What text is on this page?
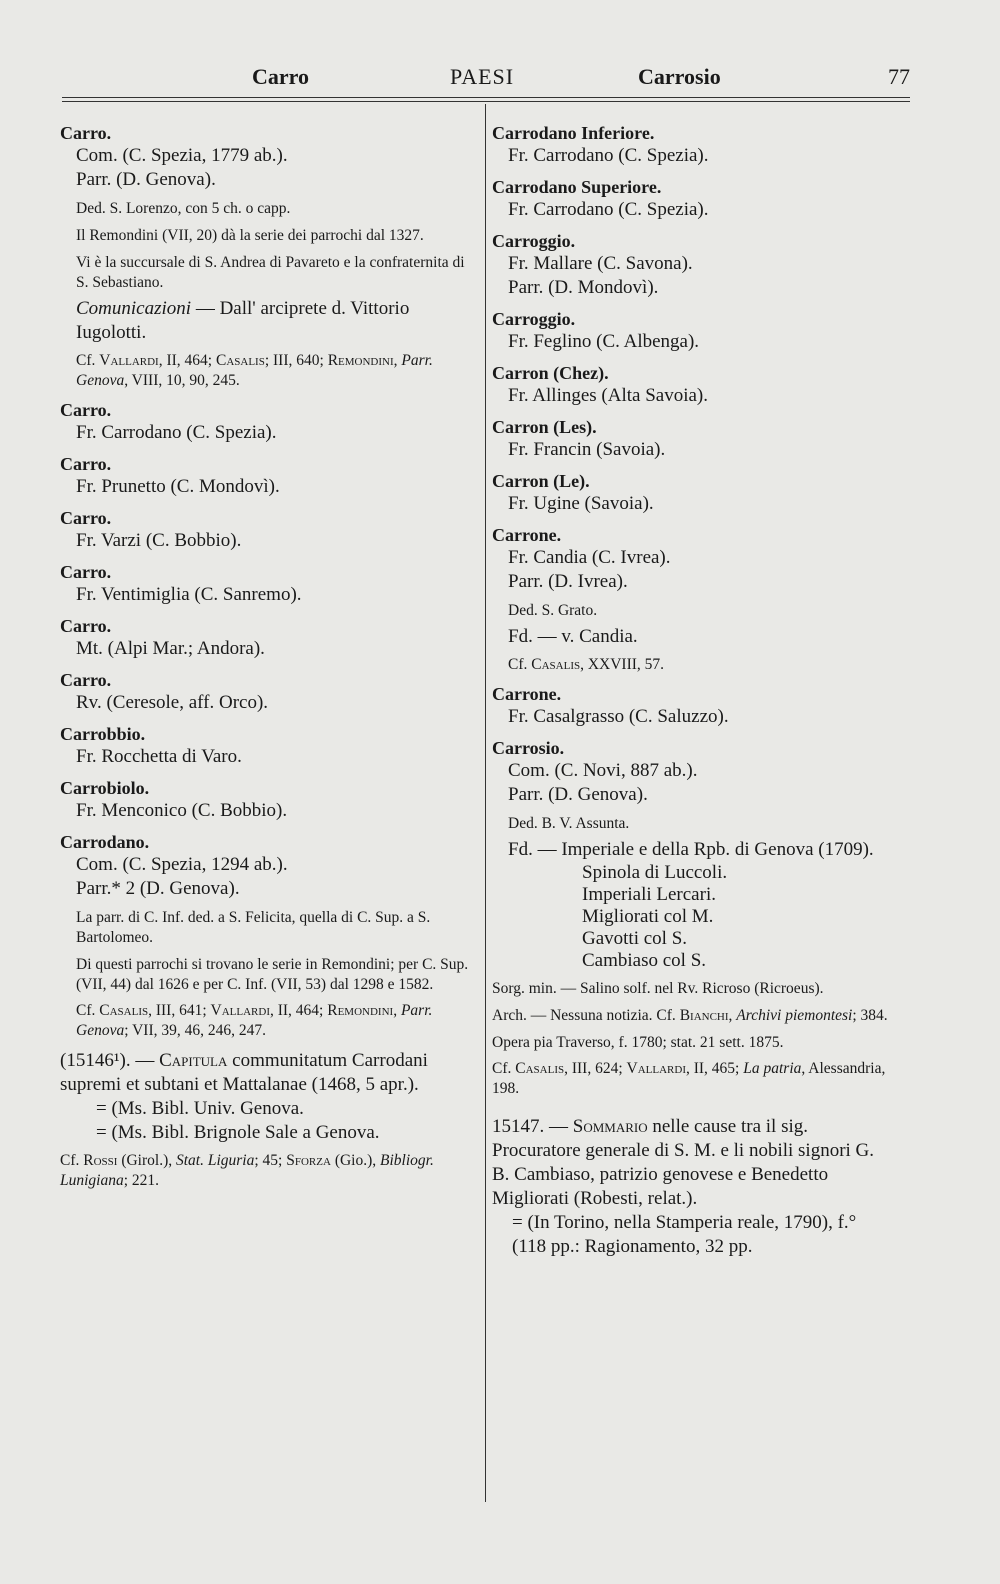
Carro	PAESI	Carrosio	77
Carro.
Com. (C. Spezia, 1779 ab.).
Parr. (D. Genova).
Ded. S. Lorenzo, con 5 ch. o capp.
Il Remondini (VII, 20) dà la serie dei parrochi dal 1327.
Vi è la succursale di S. Andrea di Pavareto e la confraternita di S. Sebastiano.
Comunicazioni — Dall' arciprete d. Vittorio Iugolotti.
Cf. Vallardi, II, 464; Casalis; III, 640; Remondini, Parr. Genova, VIII, 10, 90, 245.
Carro.
Fr. Carrodano (C. Spezia).
Carro.
Fr. Prunetto (C. Mondovì).
Carro.
Fr. Varzi (C. Bobbio).
Carro.
Fr. Ventimiglia (C. Sanremo).
Carro.
Mt. (Alpi Mar.; Andora).
Carro.
Rv. (Ceresole, aff. Orco).
Carrobbio.
Fr. Rocchetta di Varo.
Carrobiolo.
Fr. Menconico (C. Bobbio).
Carrodano.
Com. (C. Spezia, 1294 ab.).
Parr.* 2 (D. Genova).
La parr. di C. Inf. ded. a S. Felicita, quella di C. Sup. a S. Bartolomeo.
Di questi parrochi si trovano le serie in Remondini; per C. Sup. (VII, 44) dal 1626 e per C. Inf. (VII, 53) dal 1298 e 1582.
Cf. Casalis, III, 641; Vallardi, II, 464; Remondini, Parr. Genova; VII, 39, 46, 246, 247.
(15146¹). — Capitula communitatum Carrodani supremi et subtani et Mattalanae (1468, 5 apr.).
= (Ms. Bibl. Univ. Genova.
= (Ms. Bibl. Brignole Sale a Genova.
Cf. Rossi (Girol.), Stat. Liguria; 45; Sforza (Gio.), Bibliogr. Lunigiana; 221.
Carrodano Inferiore.
Fr. Carrodano (C. Spezia).
Carrodano Superiore.
Fr. Carrodano (C. Spezia).
Carroggio.
Fr. Mallare (C. Savona).
Parr. (D. Mondovì).
Carroggio.
Fr. Feglino (C. Albenga).
Carron (Chez).
Fr. Allinges (Alta Savoia).
Carron (Les).
Fr. Francin (Savoia).
Carron (Le).
Fr. Ugine (Savoia).
Carrone.
Fr. Candia (C. Ivrea).
Parr. (D. Ivrea).
Ded. S. Grato.
Fd. — v. Candia.
Cf. Casalis, XXVIII, 57.
Carrone.
Fr. Casalgrasso (C. Saluzzo).
Carrosio.
Com. (C. Novi, 887 ab.).
Parr. (D. Genova).
Ded. B. V. Assunta.
Fd. — Imperiale e della Rpb. di Genova (1709).
Spinola di Luccoli.
Imperiali Lercari.
Migliorati col M.
Gavotti col S.
Cambiaso col S.
Sorg. min. — Salino solf. nel Rv. Ricroso (Ricroeus).
Arch. — Nessuna notizia. Cf. Bianchi, Archivi piemontesi; 384.
Opera pia Traverso, f. 1780; stat. 21 sett. 1875.
Cf. Casalis, III, 624; Vallardi, II, 465; La patria, Alessandria, 198.
15147. — Sommario nelle cause tra il sig. Procuratore generale di S. M. e li nobili signori G. B. Cambiaso, patrizio genovese e Benedetto Migliorati (Robesti, relat.).
= (In Torino, nella Stamperia reale, 1790), f.° (118 pp.: Ragionamento, 32 pp.
